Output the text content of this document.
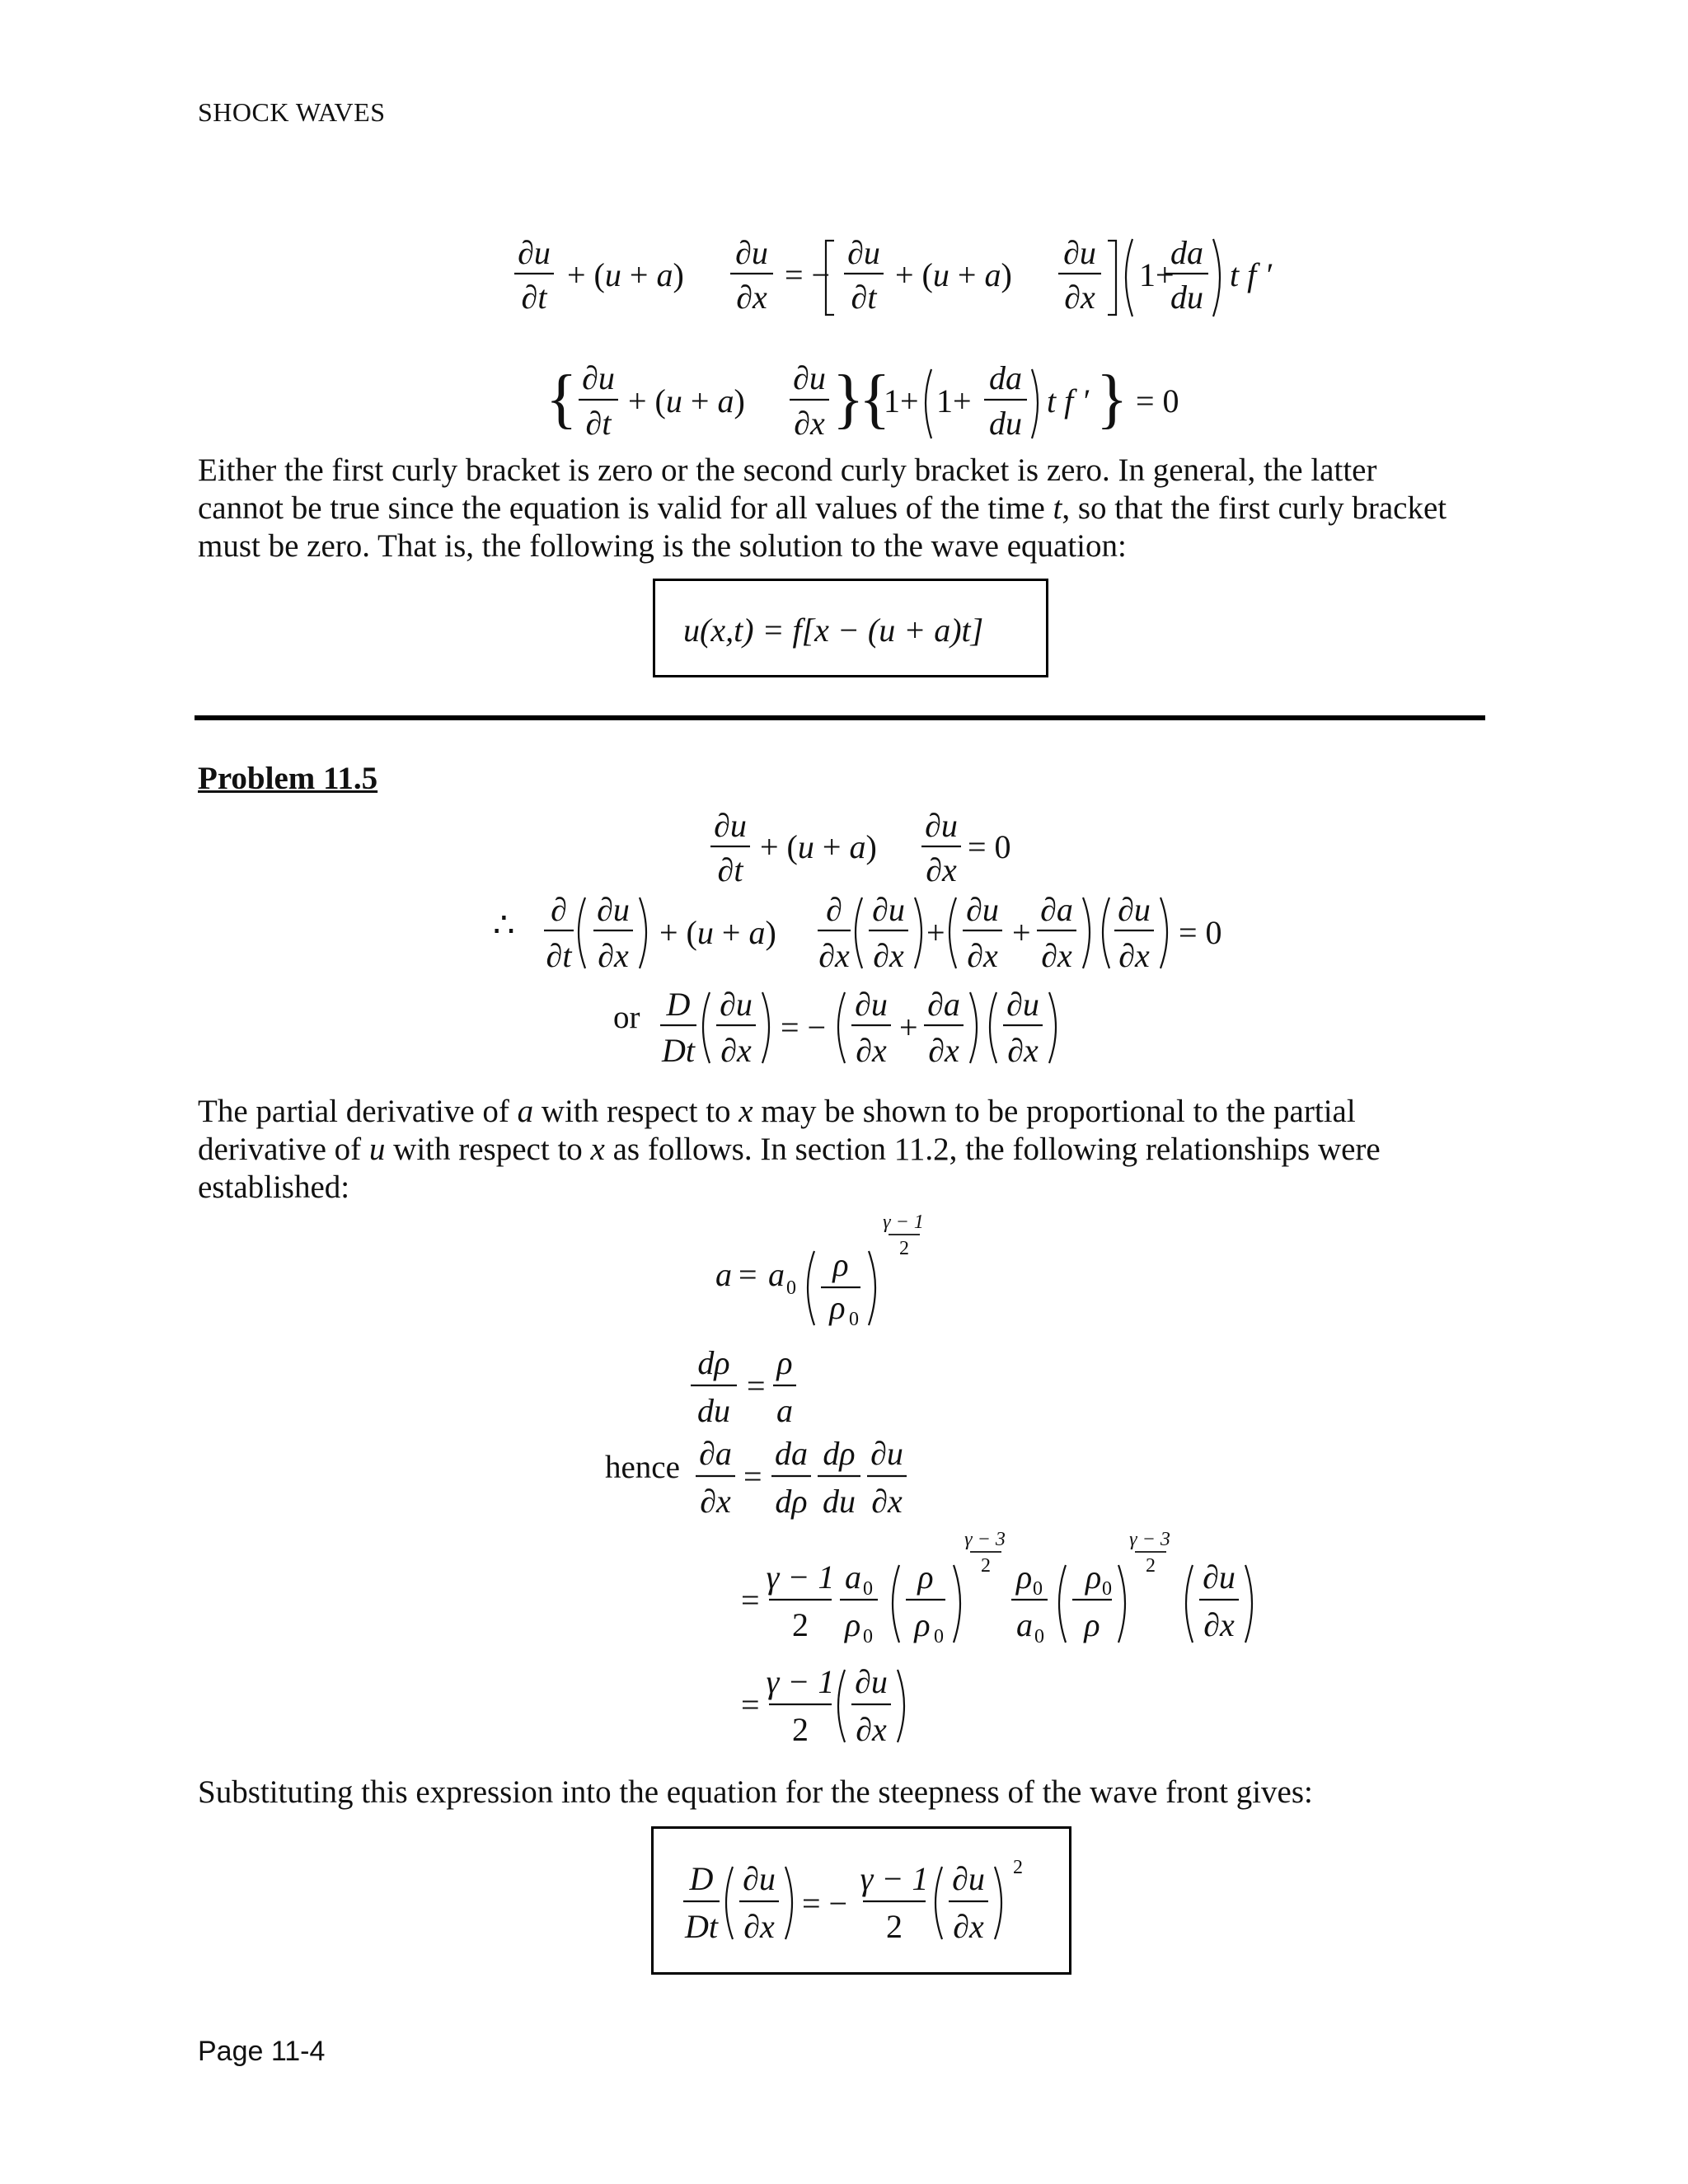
SHOCK WAVES
∂u
∂t
+ (u + a)
∂u
∂x
= −
∂u
∂t
+ (u + a)
∂u
∂x
1+
da
du
t f ′
{ ∂u
∂t
+ (u + a)
∂u
∂x }
{
1+ 1+
da
du
t f ′ } = 0
Either the first curly bracket is zero or the second curly bracket is zero. In general, the latter
cannot be true since the equation is valid for all values of the time t, so that the first curly bracket
must be zero. That is, the following is the solution to the wave equation:
u(x,t) = f[x − (u + a)t]
Problem 11.5
∂u
∂t
+ (u + a)
∂u
∂x
= 0
∴ ∂
∂t
∂u
∂x
+ (u + a)
∂
∂x
∂u
∂x
+
∂u
∂x
+
∂a
∂x
∂u
∂x
= 0
or D
Dt
∂u
∂x
= −
∂u
∂x
+
∂a
∂x
∂u
∂x
The partial derivative of a with respect to x may be shown to be proportional to the partial
derivative of u with respect to x as follows. In section 11.2, the following relationships were
established:
a = a 0
ρ
ρ 0
γ − 1
2
dρ
du
=
ρ
a
hence ∂a
∂x
=
da
dρ
dρ
du
∂u
∂x
=
γ − 1
2
a 0
ρ 0
ρ
ρ 0
γ − 3
2 ρ 0
a 0
ρ 0
ρ
γ − 3
2 ∂u
∂x
=
γ − 1
2
∂u
∂x
Substituting this expression into the equation for the steepness of the wave front gives:
D
Dt
∂u
∂x
= −
γ − 1
2
∂u
∂x
2
Page 11-4
